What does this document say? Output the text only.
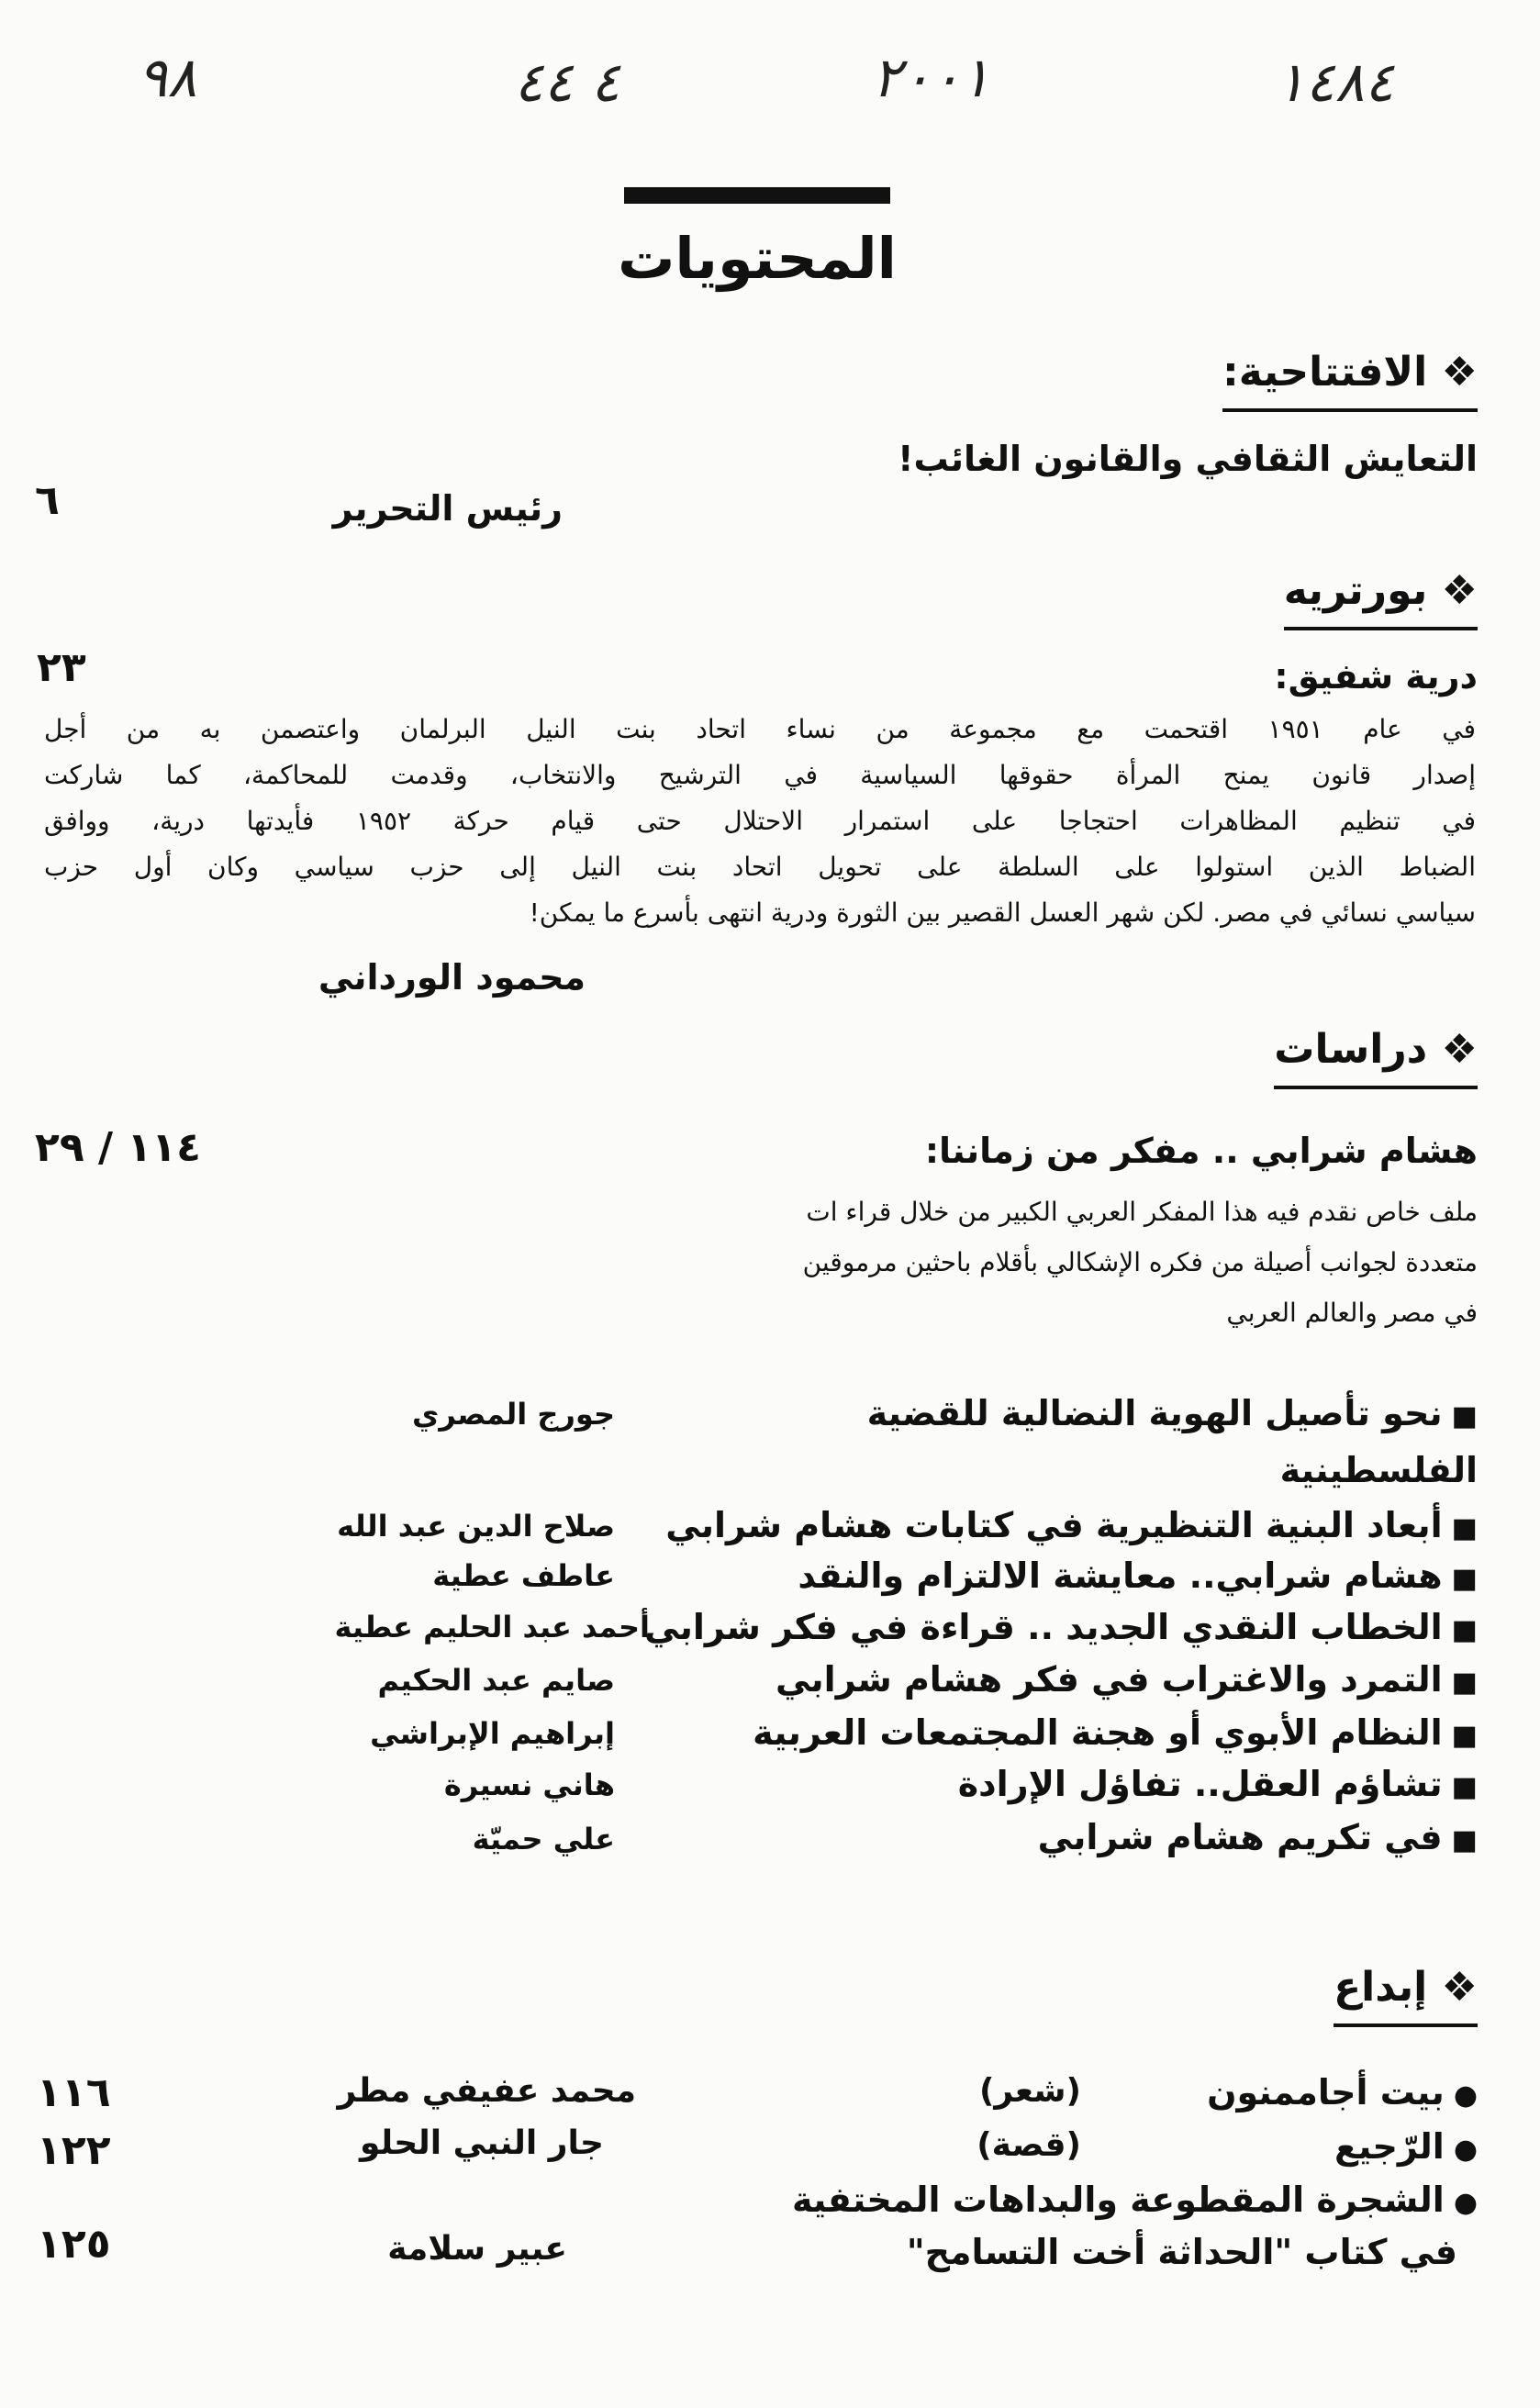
٩٨	٤ ٤٤	٢٠٠١	١٤٨٤
المحتويات
❖ الافتتاحية:
التعايش الثقافي والقانون الغائب!
رئيس التحرير
٦
❖ بورتريه
٢٣	درية شفيق:
في عام ١٩٥١ اقتحمت مع مجموعة من نساء اتحاد بنت النيل البرلمان واعتصمن به من أجل
إصدار قانون يمنح المرأة حقوقها السياسية في الترشيح والانتخاب، وقدمت للمحاكمة، كما شاركت
في تنظيم المظاهرات احتجاجا على استمرار الاحتلال حتى قيام حركة ١٩٥٢ فأيدتها درية، ووافق
الضباط الذين استولوا على السلطة على تحويل اتحاد بنت النيل إلى حزب سياسي وكان أول حزب
سياسي نسائي في مصر. لكن شهر العسل القصير بين الثورة ودرية انتهى بأسرع ما يمكن!
محمود الورداني
❖ دراسات
١١٤ / ٢٩	هشام شرابي .. مفكر من زماننا:
ملف خاص نقدم فيه هذا المفكر العربي الكبير من خلال قراء ات
متعددة لجوانب أصيلة من فكره الإشكالي بأقلام باحثين مرموقين
في مصر والعالم العربي
■نحو تأصيل الهوية النضالية للقضية
جورج المصري
الفلسطينية
■أبعاد البنية التنظيرية في كتابات هشام شرابي
صلاح الدين عبد الله
■هشام شرابي.. معايشة الالتزام والنقد
عاطف عطية
■الخطاب النقدي الجديد .. قراءة في فكر شرابي
أحمد عبد الحليم عطية
■التمرد والاغتراب في فكر هشام شرابي
صايم عبد الحكيم
■النظام الأبوي أو هجنة المجتمعات العربية
إبراهيم الإبراشي
■تشاؤم العقل.. تفاؤل الإرادة
هاني نسيرة
■في تكريم هشام شرابي
علي حميّة
❖ إبداع
١١٦	●بيت أجاممنون
(شعر)
محمد عفيفي مطر
١٢٢	●الرّجيع
(قصة)
جار النبي الحلو
●الشجرة المقطوعة والبداهات المختفية
١٢٥	في كتاب "الحداثة أخت التسامح"
عبير سلامة
